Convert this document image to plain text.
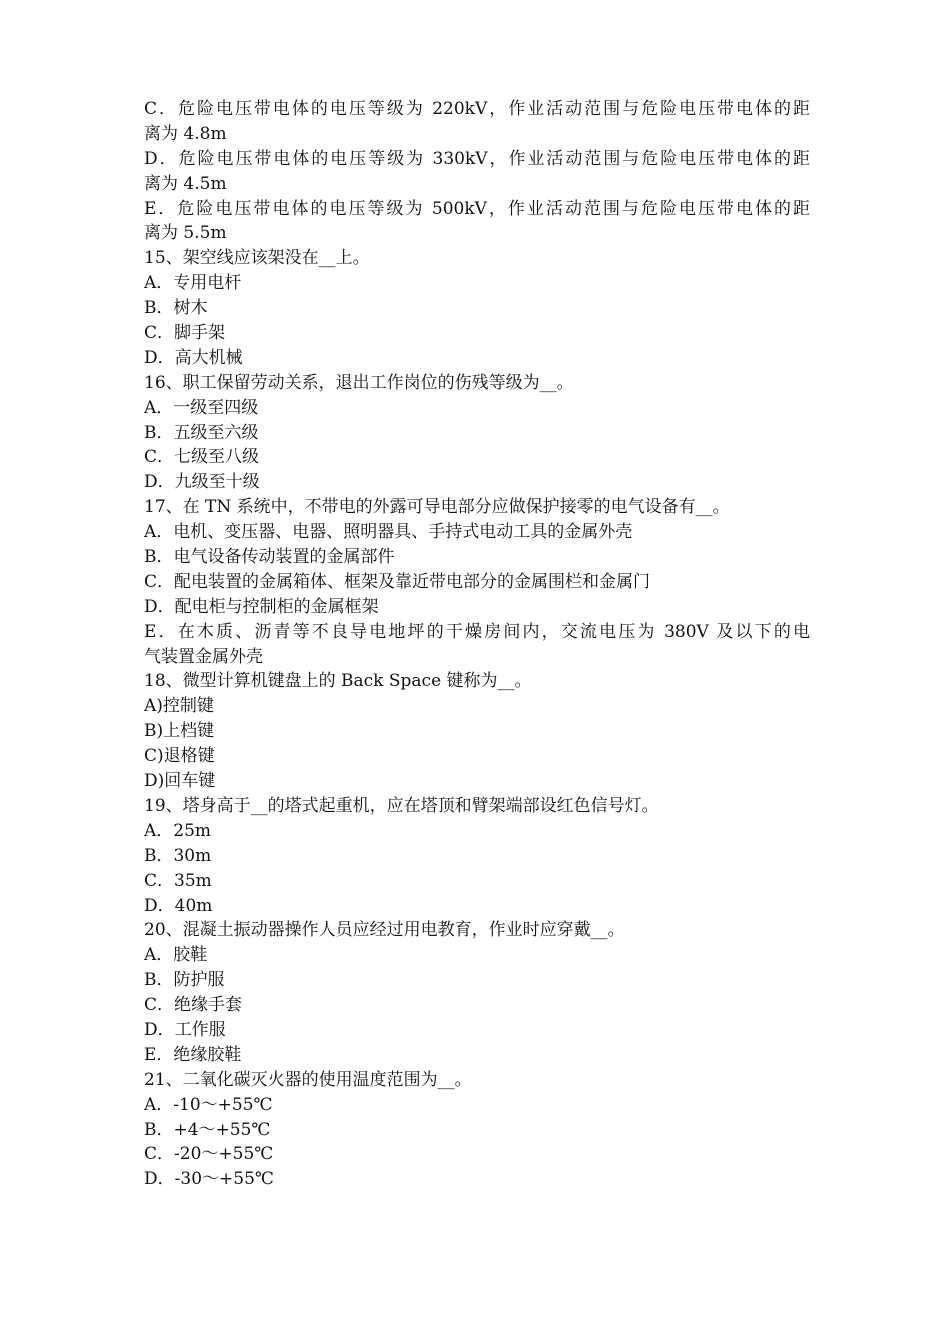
C．危险电压带电体的电压等级为 220kV，作业活动范围与危险电压带电体的距
离为 4.8m
D．危险电压带电体的电压等级为 330kV，作业活动范围与危险电压带电体的距
离为 4.5m
E．危险电压带电体的电压等级为 500kV，作业活动范围与危险电压带电体的距
离为 5.5m
15、架空线应该架没在__上。
A．专用电杆
B．树木
C．脚手架
D．高大机械
16、职工保留劳动关系，退出工作岗位的伤残等级为__。
A．一级至四级
B．五级至六级
C．七级至八级
D．九级至十级
17、在 TN 系统中，不带电的外露可导电部分应做保护接零的电气设备有__。
A．电机、变压器、电器、照明器具、手持式电动工具的金属外壳
B．电气设备传动装置的金属部件
C．配电装置的金属箱体、框架及靠近带电部分的金属围栏和金属门
D．配电柜与控制柜的金属框架
E．在木质、沥青等不良导电地坪的干燥房间内，交流电压为 380V 及以下的电
气装置金属外壳
18、微型计算机键盘上的 Back Space 键称为__。
A)控制键
B)上档键
C)退格键
D)回车键
19、塔身高于__的塔式起重机，应在塔顶和臂架端部设红色信号灯。
A．25m
B．30m
C．35m
D．40m
20、混凝土振动器操作人员应经过用电教育，作业时应穿戴__。
A．胶鞋
B．防护服
C．绝缘手套
D．工作服
E．绝缘胶鞋
21、二氧化碳灭火器的使用温度范围为__。
A．-10～+55℃
B．+4～+55℃
C．-20～+55℃
D．-30～+55℃
